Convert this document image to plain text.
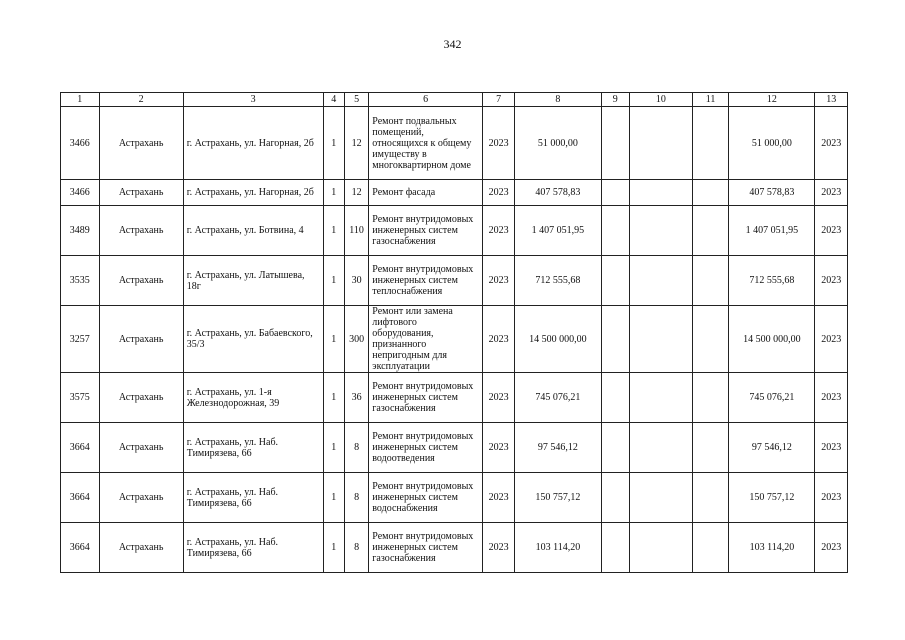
342
1	2	3	4	5	6	7	8	9	10	11	12	13
3466	Астрахань	г. Астрахань, ул. Нагорная, 2б	1	12	Ремонт подвальных помещений, относящихся к общему имуществу в многоквартирном доме	2023	51 000,00				51 000,00	2023
3466	Астрахань	г. Астрахань, ул. Нагорная, 2б	1	12	Ремонт фасада	2023	407 578,83				407 578,83	2023
3489	Астрахань	г. Астрахань, ул. Ботвина, 4	1	110	Ремонт внутридомовых инженерных систем газоснабжения	2023	1 407 051,95				1 407 051,95	2023
3535	Астрахань	г. Астрахань, ул. Латышева, 18г	1	30	Ремонт внутридомовых инженерных систем теплоснабжения	2023	712 555,68				712 555,68	2023
3257	Астрахань	г. Астрахань, ул. Бабаевского, 35/3	1	300	Ремонт или замена лифтового оборудования, признанного непригодным для эксплуатации	2023	14 500 000,00				14 500 000,00	2023
3575	Астрахань	г. Астрахань, ул. 1-я Железнодорожная, 39	1	36	Ремонт внутридомовых инженерных систем газоснабжения	2023	745 076,21				745 076,21	2023
3664	Астрахань	г. Астрахань, ул. Наб. Тимирязева, 66	1	8	Ремонт внутридомовых инженерных систем водоотведения	2023	97 546,12				97 546,12	2023
3664	Астрахань	г. Астрахань, ул. Наб. Тимирязева, 66	1	8	Ремонт внутридомовых инженерных систем водоснабжения	2023	150 757,12				150 757,12	2023
3664	Астрахань	г. Астрахань, ул. Наб. Тимирязева, 66	1	8	Ремонт внутридомовых инженерных систем газоснабжения	2023	103 114,20				103 114,20	2023
